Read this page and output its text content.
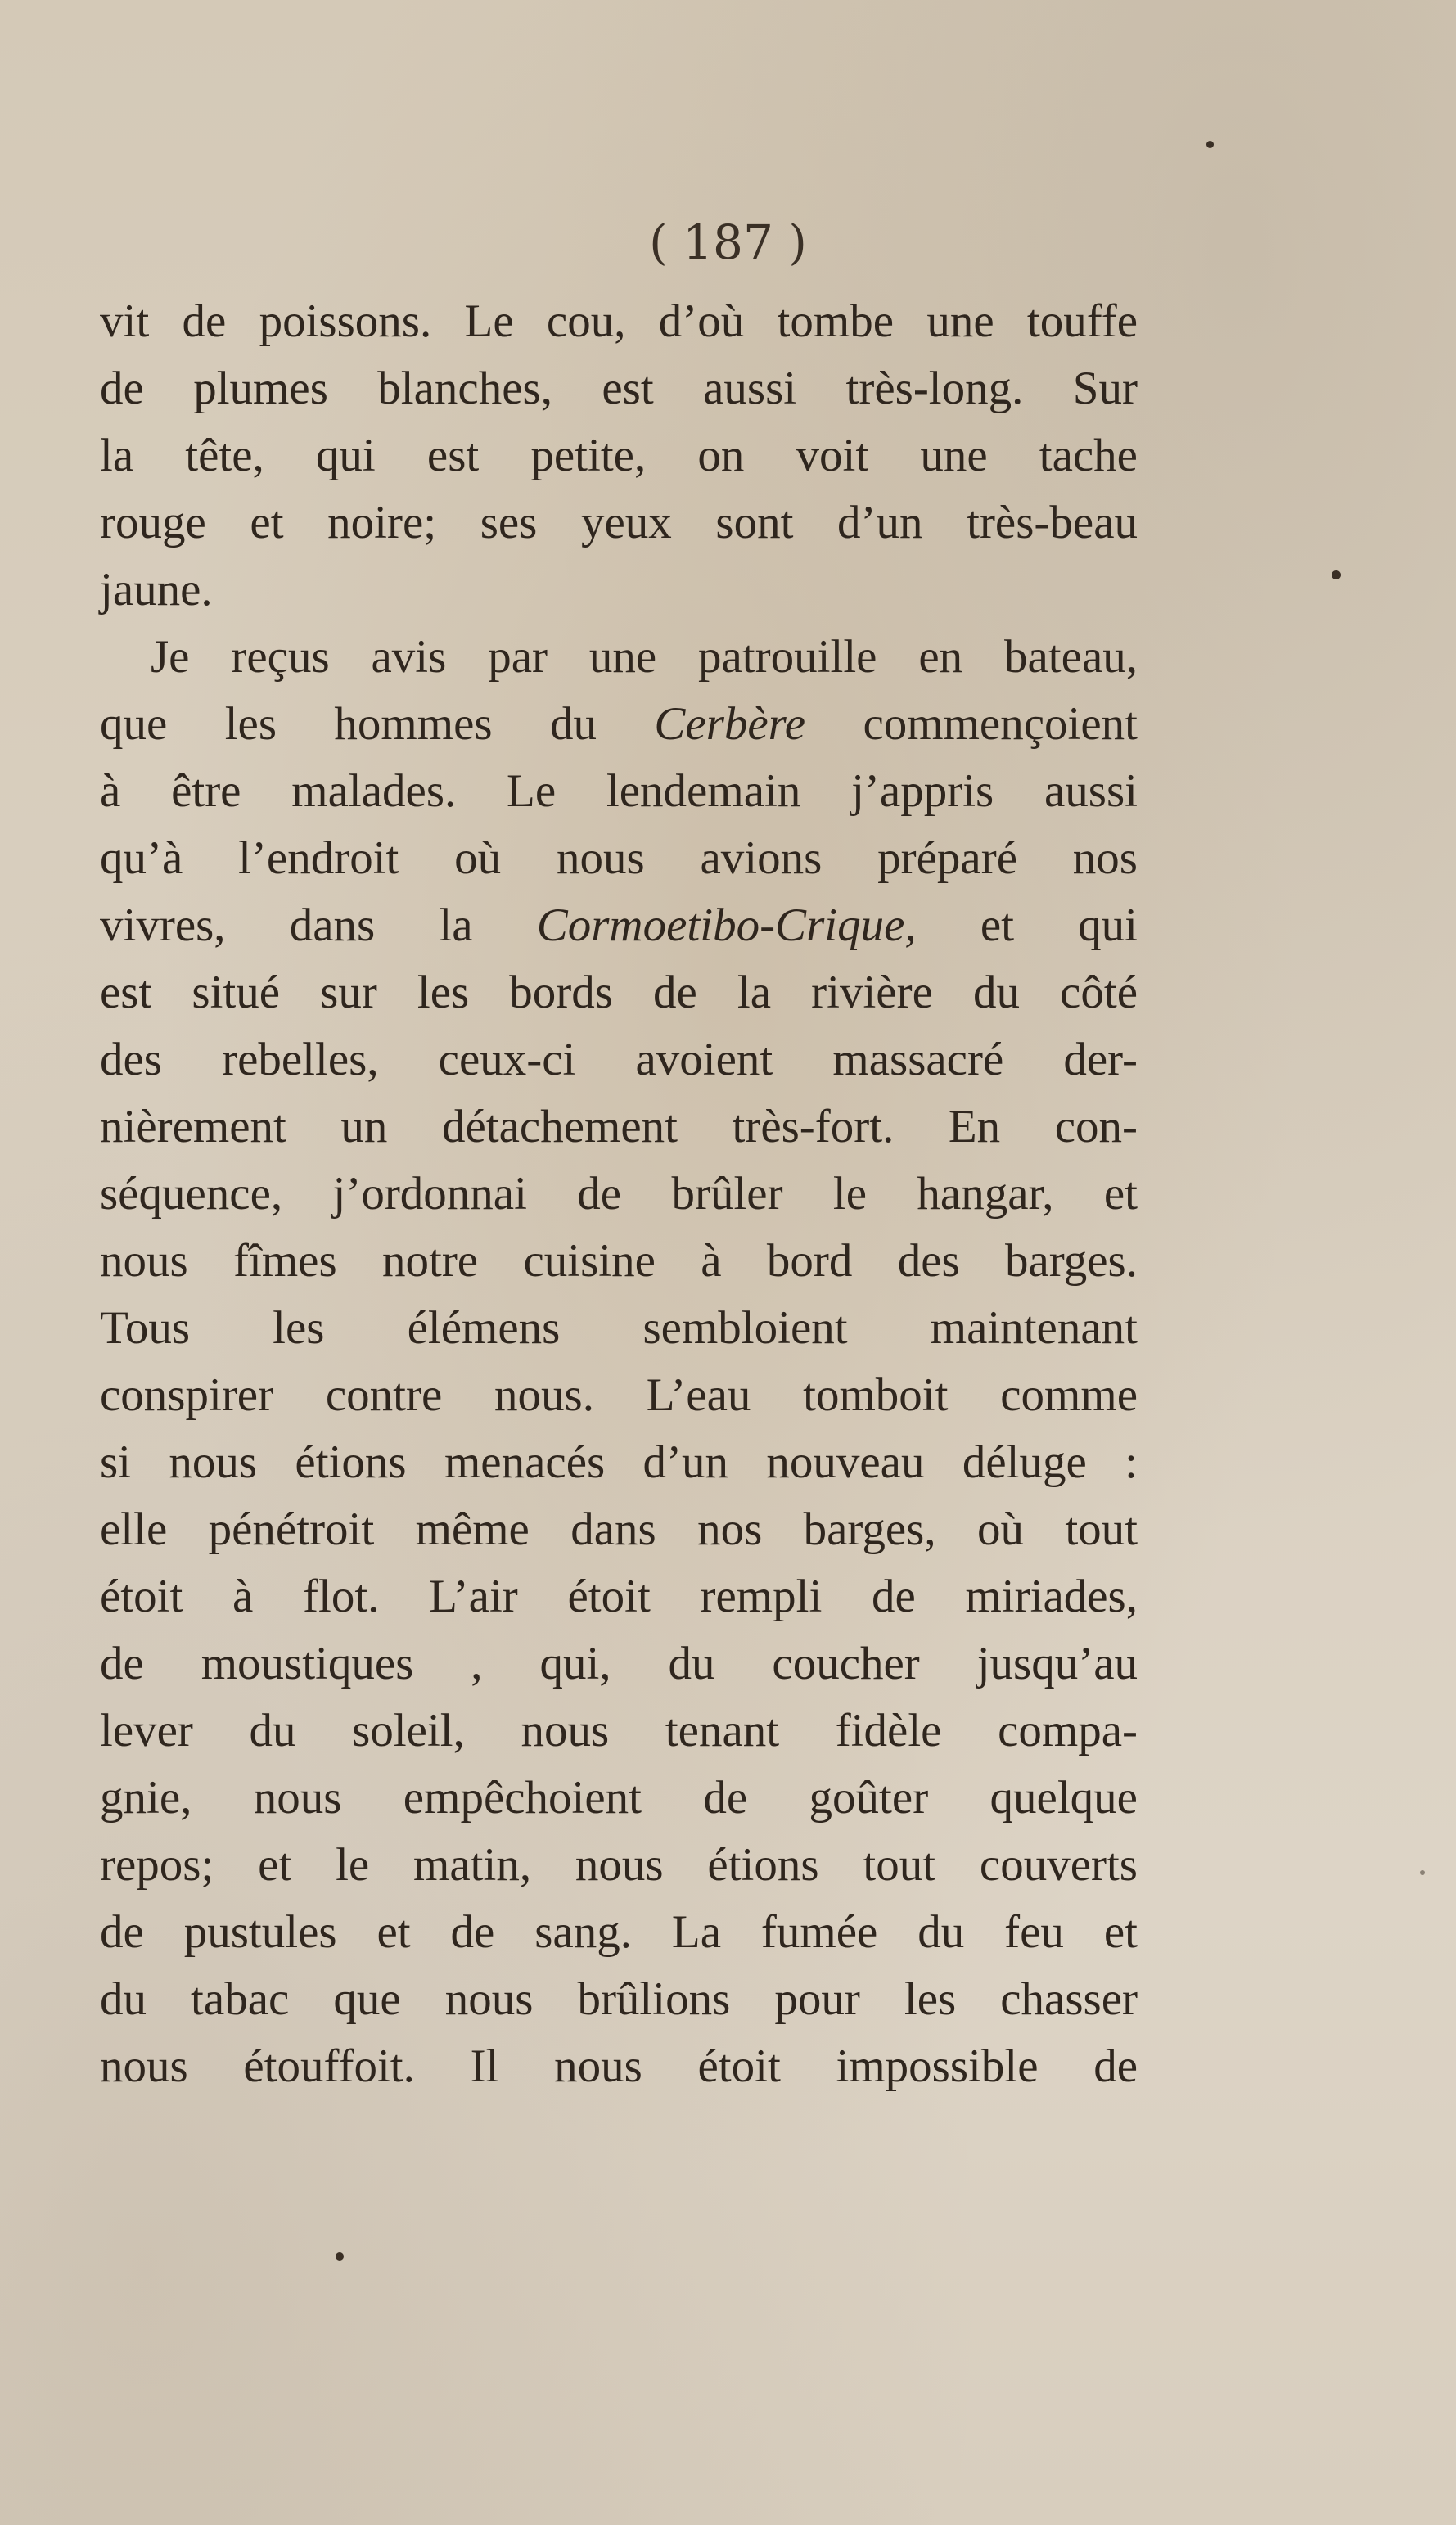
( 187 )

vit de poissons. Le cou, d’où tombe une touffe
de plumes blanches, est aussi très-long. Sur
la tête, qui est petite, on voit une tache
rouge et noire; ses yeux sont d’un très-beau
jaune.
Je reçus avis par une patrouille en bateau,
que les hommes du Cerbère commençoient
à être malades. Le lendemain j’appris aussi
qu’à l’endroit où nous avions préparé nos
vivres, dans la Cormoetibo-Crique, et qui
est situé sur les bords de la rivière du côté
des rebelles, ceux-ci avoient massacré der-
nièrement un détachement très-fort. En con-
séquence, j’ordonnai de brûler le hangar, et
nous fîmes notre cuisine à bord des barges.
Tous les élémens sembloient maintenant
conspirer contre nous. L’eau tomboit comme
si nous étions menacés d’un nouveau déluge :
elle pénétroit même dans nos barges, où tout
étoit à flot. L’air étoit rempli de miriades,
de moustiques , qui, du coucher jusqu’au
lever du soleil, nous tenant fidèle compa-
gnie, nous empêchoient de goûter quelque
repos; et le matin, nous étions tout couverts
de pustules et de sang. La fumée du feu et
du tabac que nous brûlions pour les chasser
nous étouffoit. Il nous étoit impossible de
